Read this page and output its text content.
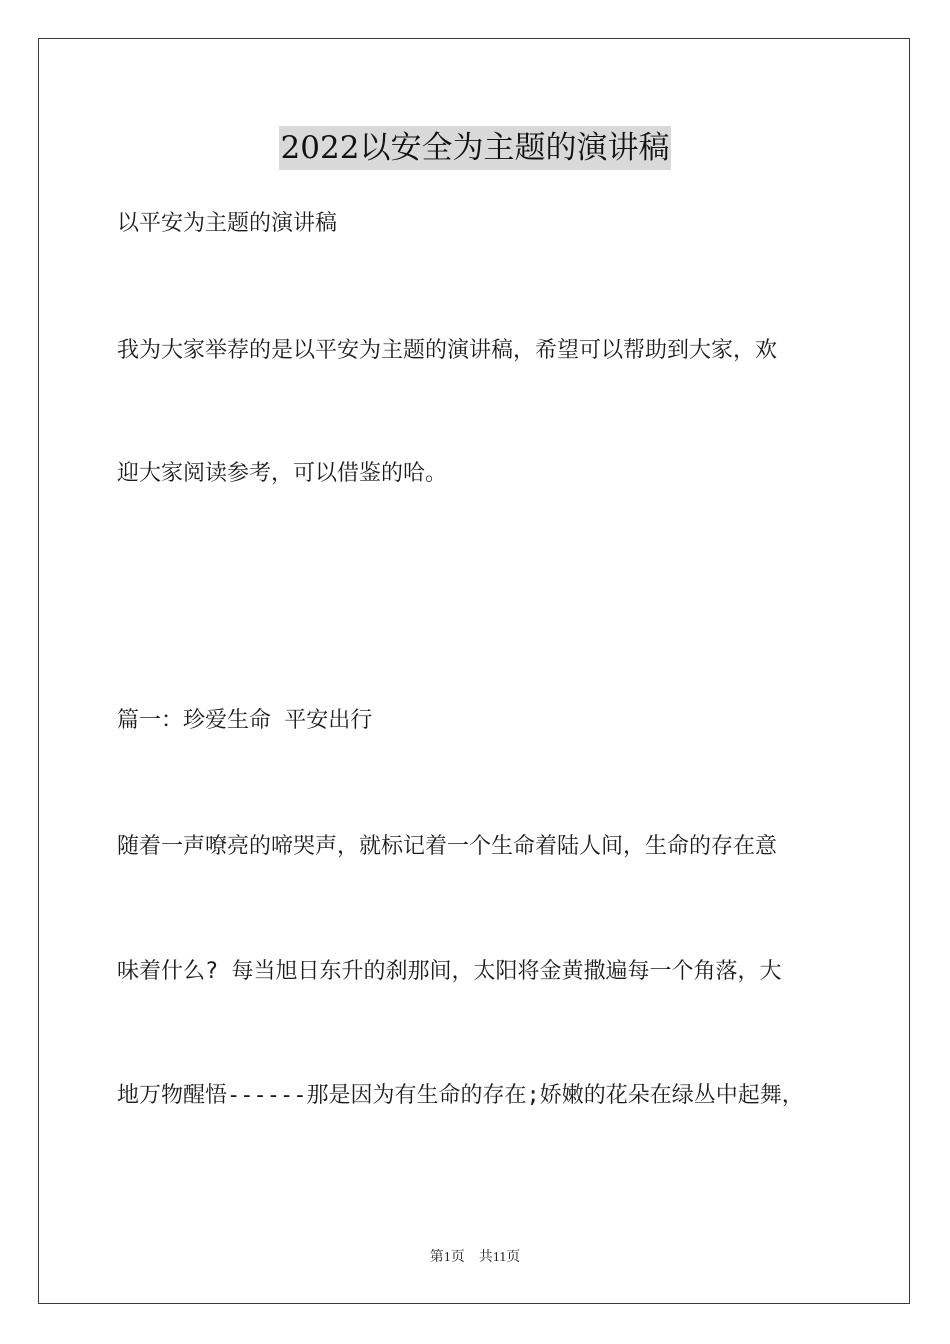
2022以安全为主题的演讲稿
以平安为主题的演讲稿
我为大家举荐的是以平安为主题的演讲稿，希望可以帮助到大家，欢
迎大家阅读参考，可以借鉴的哈。
篇一：珍爱生命 平安出行
随着一声嘹亮的啼哭声，就标记着一个生命着陆人间，生命的存在意
味着什么? 每当旭日东升的刹那间，太阳将金黄撒遍每一个角落，大
地万物醒悟------那是因为有生命的存在;娇嫩的花朵在绿丛中起舞，
第1页 共11页
